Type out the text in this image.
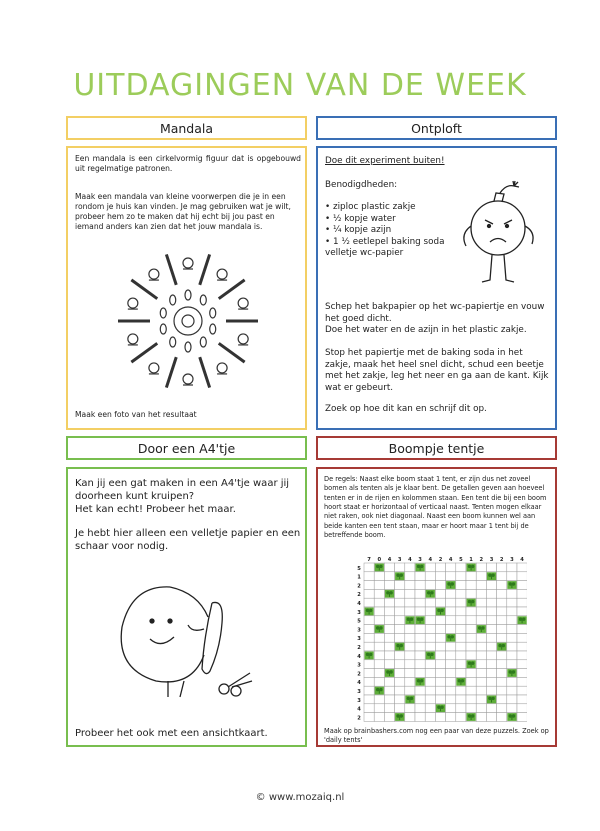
UITDAGINGEN VAN DE WEEK
Mandala
Een mandala is een cirkelvormig figuur dat is opgebouwd uit regelmatige patronen.
Maak een mandala van kleine voorwerpen die je in een rondom je huis kan vinden. Je mag gebruiken wat je wilt, probeer hem zo te maken dat hij echt bij jou past en iemand anders kan zien dat het jouw mandala is.
Maak een foto van het resultaat
Ontploft
Doe dit experiment buiten!
Benodigdheden:
• ziploc plastic zakje
• ½ kopje water
• ¼ kopje azijn
• 1 ½ eetlepel baking soda
velletje wc-papier
Schep het bakpapier op het wc-papiertje en vouw het goed dicht.
Doe het water en de azijn in het plastic zakje.
Stop het papiertje met de baking soda in het zakje, maak het heel snel dicht, schud een beetje met het zakje, leg het neer en ga aan de kant. Kijk wat er gebeurt.
Zoek op hoe dit kan en schrijf dit op.
Door een A4'tje
Kan jij een gat maken in een A4'tje waar jij doorheen kunt kruipen?
Het kan echt! Probeer het maar.
Je hebt hier alleen een velletje papier en een schaar voor nodig.
Probeer het ook met een ansichtkaart.
Boompje tentje
De regels: Naast elke boom staat 1 tent, er zijn dus net zoveel bomen als tenten als je klaar bent. De getallen geven aan hoeveel tenten er in de rijen en kolommen staan. Een tent die bij een boom hoort staat er horizontaal of verticaal naast. Tenten mogen elkaar niet raken, ook niet diagonaal. Naast een boom kunnen wel aan beide kanten een tent staan, maar er hoort maar 1 tent bij de betreffende boom.
Maak op brainbashers.com nog een paar van deze puzzels. Zoek op 'daily tents'
7 0 4 3 4 3 4 2 4 5 1 2 3 2 3 4
5
1
2
2
4
3
5
3
3
2
4
3
2
4
3
3
4
2
© www.mozaiq.nl
